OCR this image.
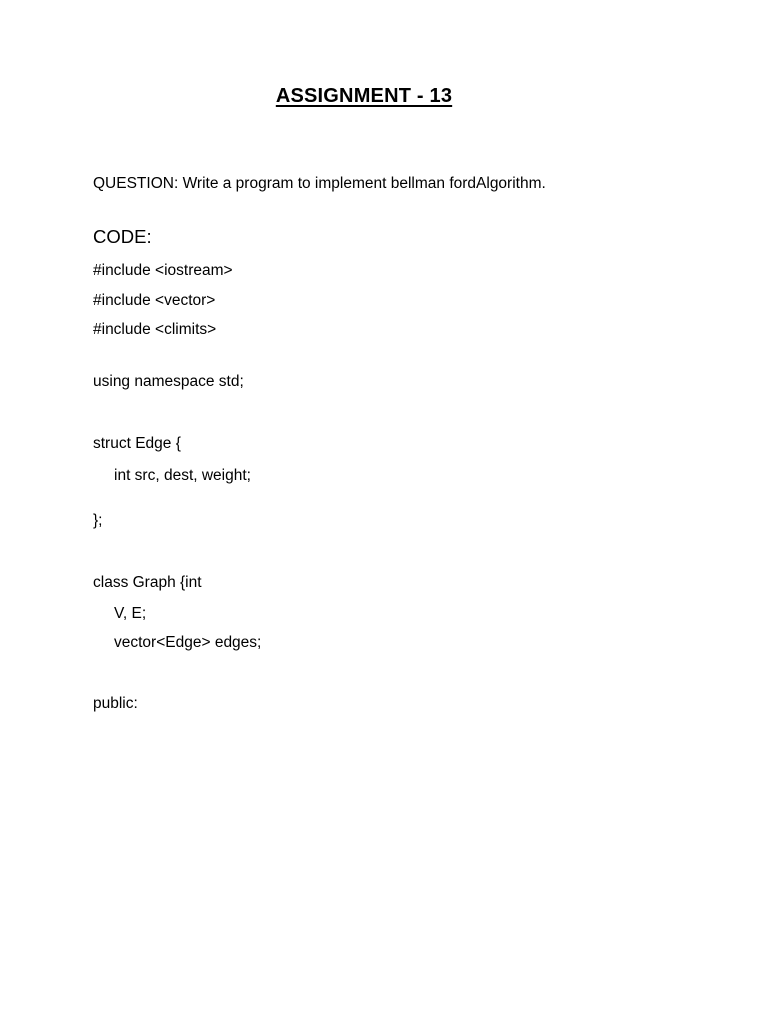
ASSIGNMENT - 13
QUESTION: Write a program to implement bellman fordAlgorithm.
CODE:
#include <iostream>
#include <vector>
#include <climits>
using namespace std;
struct Edge {
int src, dest, weight;
};
class Graph {int
V, E;
vector<Edge> edges;
public:
